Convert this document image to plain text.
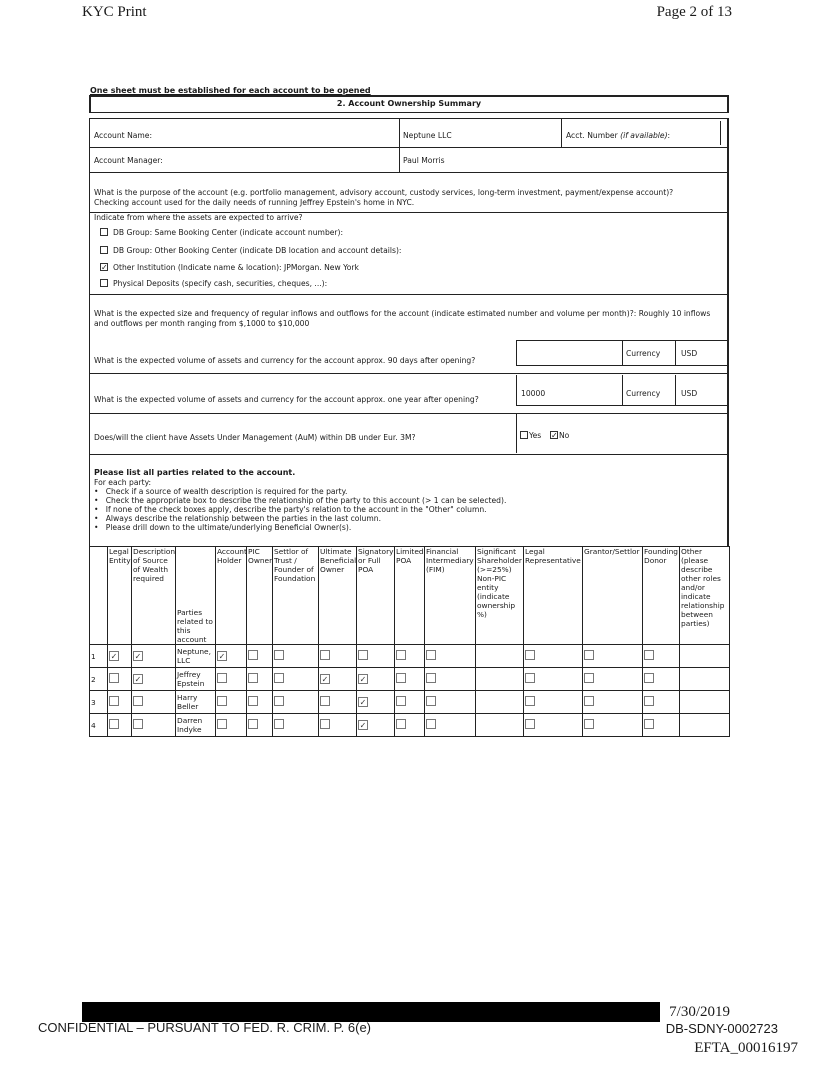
KYC Print	Page 2 of 13
One sheet must be established for each account to be opened
2. Account Ownership Summary
Account Name:	Neptune LLC	Acct. Number (if available):
Account Manager:	Paul Morris
What is the purpose of the account (e.g. portfolio management, advisory account, custody services, long-term investment, payment/expense account)? Checking account used for the daily needs of running Jeffrey Epstein's home in NYC.
Indicate from where the assets are expected to arrive?
DB Group: Same Booking Center (indicate account number):
DB Group: Other Booking Center (indicate DB location and account details):
✓ Other Institution (Indicate name & location): JPMorgan. New York
Physical Deposits (specify cash, securities, cheques, ...):
What is the expected size and frequency of regular inflows and outflows for the account (indicate estimated number and volume per month)?: Roughly 10 inflows and outflows per month ranging from $,1000 to $10,000
What is the expected volume of assets and currency for the account approx. 90 days after opening?
Currency	USD
What is the expected volume of assets and currency for the account approx. one year after opening?
10000	Currency	USD
Does/will the client have Assets Under Management (AuM) within DB under Eur. 3M?	Yes ✓No
Please list all parties related to the account.
For each party:
•   Check if a source of wealth description is required for the party.
•   Check the appropriate box to describe the relationship of the party to this account (> 1 can be selected).
•   If none of the check boxes apply, describe the party's relation to the account in the "Other" column.
•   Always describe the relationship between the parties in the last column.
•   Please drill down to the ultimate/underlying Beneficial Owner(s).
	Legal Entity	Description of Source of Wealth required	Parties related to this account	Account Holder	PIC Owner	Settlor of Trust / Founder of Foundation	Ultimate Beneficial Owner	Signatory or Full POA	Limited POA	Financial Intermediary (FIM)	Significant Shareholder (>=25%) Non-PIC entity (indicate ownership %)	Legal Representative	Grantor/Settlor	Founding Donor	Other (please describe other roles and/or indicate relationship between parties)
1	✓	✓	Neptune, LLC	✓											
2		✓	Jeffrey Epstein				✓	✓							
3			Harry Beller					✓							
4			Darren Indyke					✓							
CONFIDENTIAL – PURSUANT TO FED. R. CRIM. P. 6(e)
7/30/2019
DB-SDNY-0002723
EFTA_00016197
